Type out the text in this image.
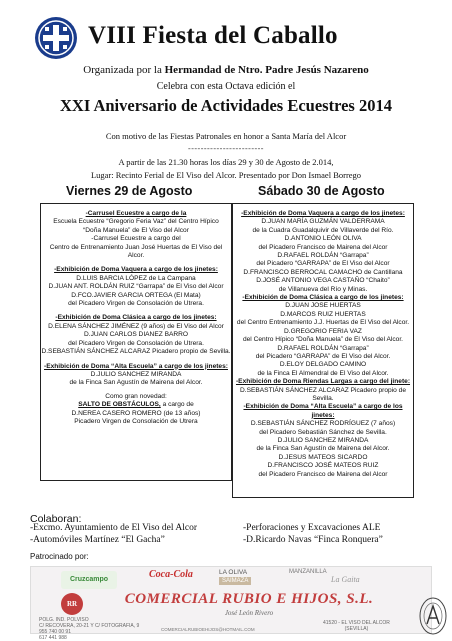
VIII Fiesta del Caballo
Organizada por la Hermandad de Ntro. Padre Jesús Nazareno
Celebra con esta Octava edición el
XXI Aniversario de Actividades Ecuestres 2014
Con motivo de las Fiestas Patronales en honor a Santa María del Alcor
------------------------
A partir de las 21.30 horas los días 29 y 30 de Agosto de 2.014,
Lugar: Recinto Ferial de El Viso del Alcor. Presentado por Don Ismael Borrego
Viernes 29 de Agosto	Sábado 30 de Agosto
-Carrusel Ecuestre a cargo de la
Escuela Ecuestre “Gregorio Feria Vaz” del Centro Hípico
“Doña Manuela” de El Viso del Alcor
-Carrusel Ecuestre a cargo del
Centro de Entrenamiento Juan José Huertas de El Viso del
Alcor.
-Exhibición de Doma Vaquera a cargo de los jinetes:
D.LUIS BARCIA LÓPEZ de La Campana
D.JUAN ANT. ROLDÁN RUIZ “Garrapa” de El Viso del Alcor
D.FCO.JAVIER GARCIA ORTEGA (El Mata)
del Picadero Virgen de Consolación de Utrera.
-Exhibición de Doma Clásica a cargo de los jinetes:
D.ELENA SÁNCHEZ JIMÉNEZ (9 años) de El Viso del Alcor
D.JUAN CARLOS DIANEZ BARRO
del Picadero Virgen de Consolación de Utrera.
D.SEBASTIÁN SÁNCHEZ ALCARAZ Picadero propio de Sevilla.
-Exhibición de Doma “Alta Escuela” a cargo de los jinetes:
D.JULIO SANCHEZ MIRANDA
de la Finca San Agustín de Mairena del Alcor.
Como gran novedad:
SALTO DE OBSTÁCULOS, a cargo de
D.NEREA CASERO ROMERO (de 13 años)
Picadero Virgen de Consolación de Utrera
-Exhibición de Doma Vaquera a cargo de los jinetes:
D.JUAN MARÍA GUZMÁN VALDERRAMA
de la Cuadra Guadalquivir de Villaverde del Río.
D.ANTONIO LEÓN OLIVA
del Picadero Francisco de Mairena del Alcor
D.RAFAEL ROLDÁN “Garrapa”
del Picadero “GARRAPA” de El Viso del Alcor
D.FRANCISCO BERROCAL CAMACHO de Cantillana
D.JOSÉ ANTONIO VEGA CASTAÑO “Chaito”
de Villanueva del Río y Minas.
-Exhibición de Doma Clásica a cargo de los jinetes:
D.JUAN JOSE HUERTAS
D.MARCOS RUIZ HUERTAS
del Centro Entrenamiento J.J. Huertas de El Viso del Alcor.
D.GREGORIO FERIA VAZ
del Centro Hípico “Doña Manuela” de El Viso del Alcor.
D.RAFAEL ROLDÁN “Garrapa”
del Picadero “GARRAPA” de El Viso del Alcor.
D.ELOY DELGADO CAMINO
de la Finca El Almendral de El Viso del Alcor.
-Exhibición de Doma Riendas Largas a cargo del jinete:
D.SEBASTIÁN SÁNCHEZ ALCARAZ Picadero propio de Sevilla.
-Exhibición de Doma “Alta Escuela” a cargo de los jinetes:
D.SEBASTIÁN SÁNCHEZ RODRÍGUEZ (7 años)
del Picadero Sebastián Sánchez de Sevilla.
D.JULIO SANCHEZ MIRANDA
de la Finca San Agustín de Mairena del Alcor.
D.JESUS MATEOS SICARDO
D.FRANCISCO JOSÉ MATEOS RUIZ
del Picadero Francisco de Mairena del Alcor
Colaboran:
-Excmo. Ayuntamiento de El Viso del Alcor
-Automóviles Martínez “El Gacha”
-Perforaciones y Excavaciones ALE
-D.Ricardo Navas “Finca Ronquera”
Patrocinado por:
Cruzcampo	Coca-Cola	LA OLIVA
SAIMAZA
MANZANILLA
La Gaita
RR	COMERCIAL RUBIO E HIJOS, S.L.
José León Rivero
POLG. IND. POLVISO
C/ RECOVERA, 20-21 Y C/ FOTOGRAFIA, 9
955 740 00 91
617 441 988
41520 - EL VISO DEL ALCOR
(SEVILLA)
COMERCIALRUBIOEHIJOS@HOTMAIL.COM
